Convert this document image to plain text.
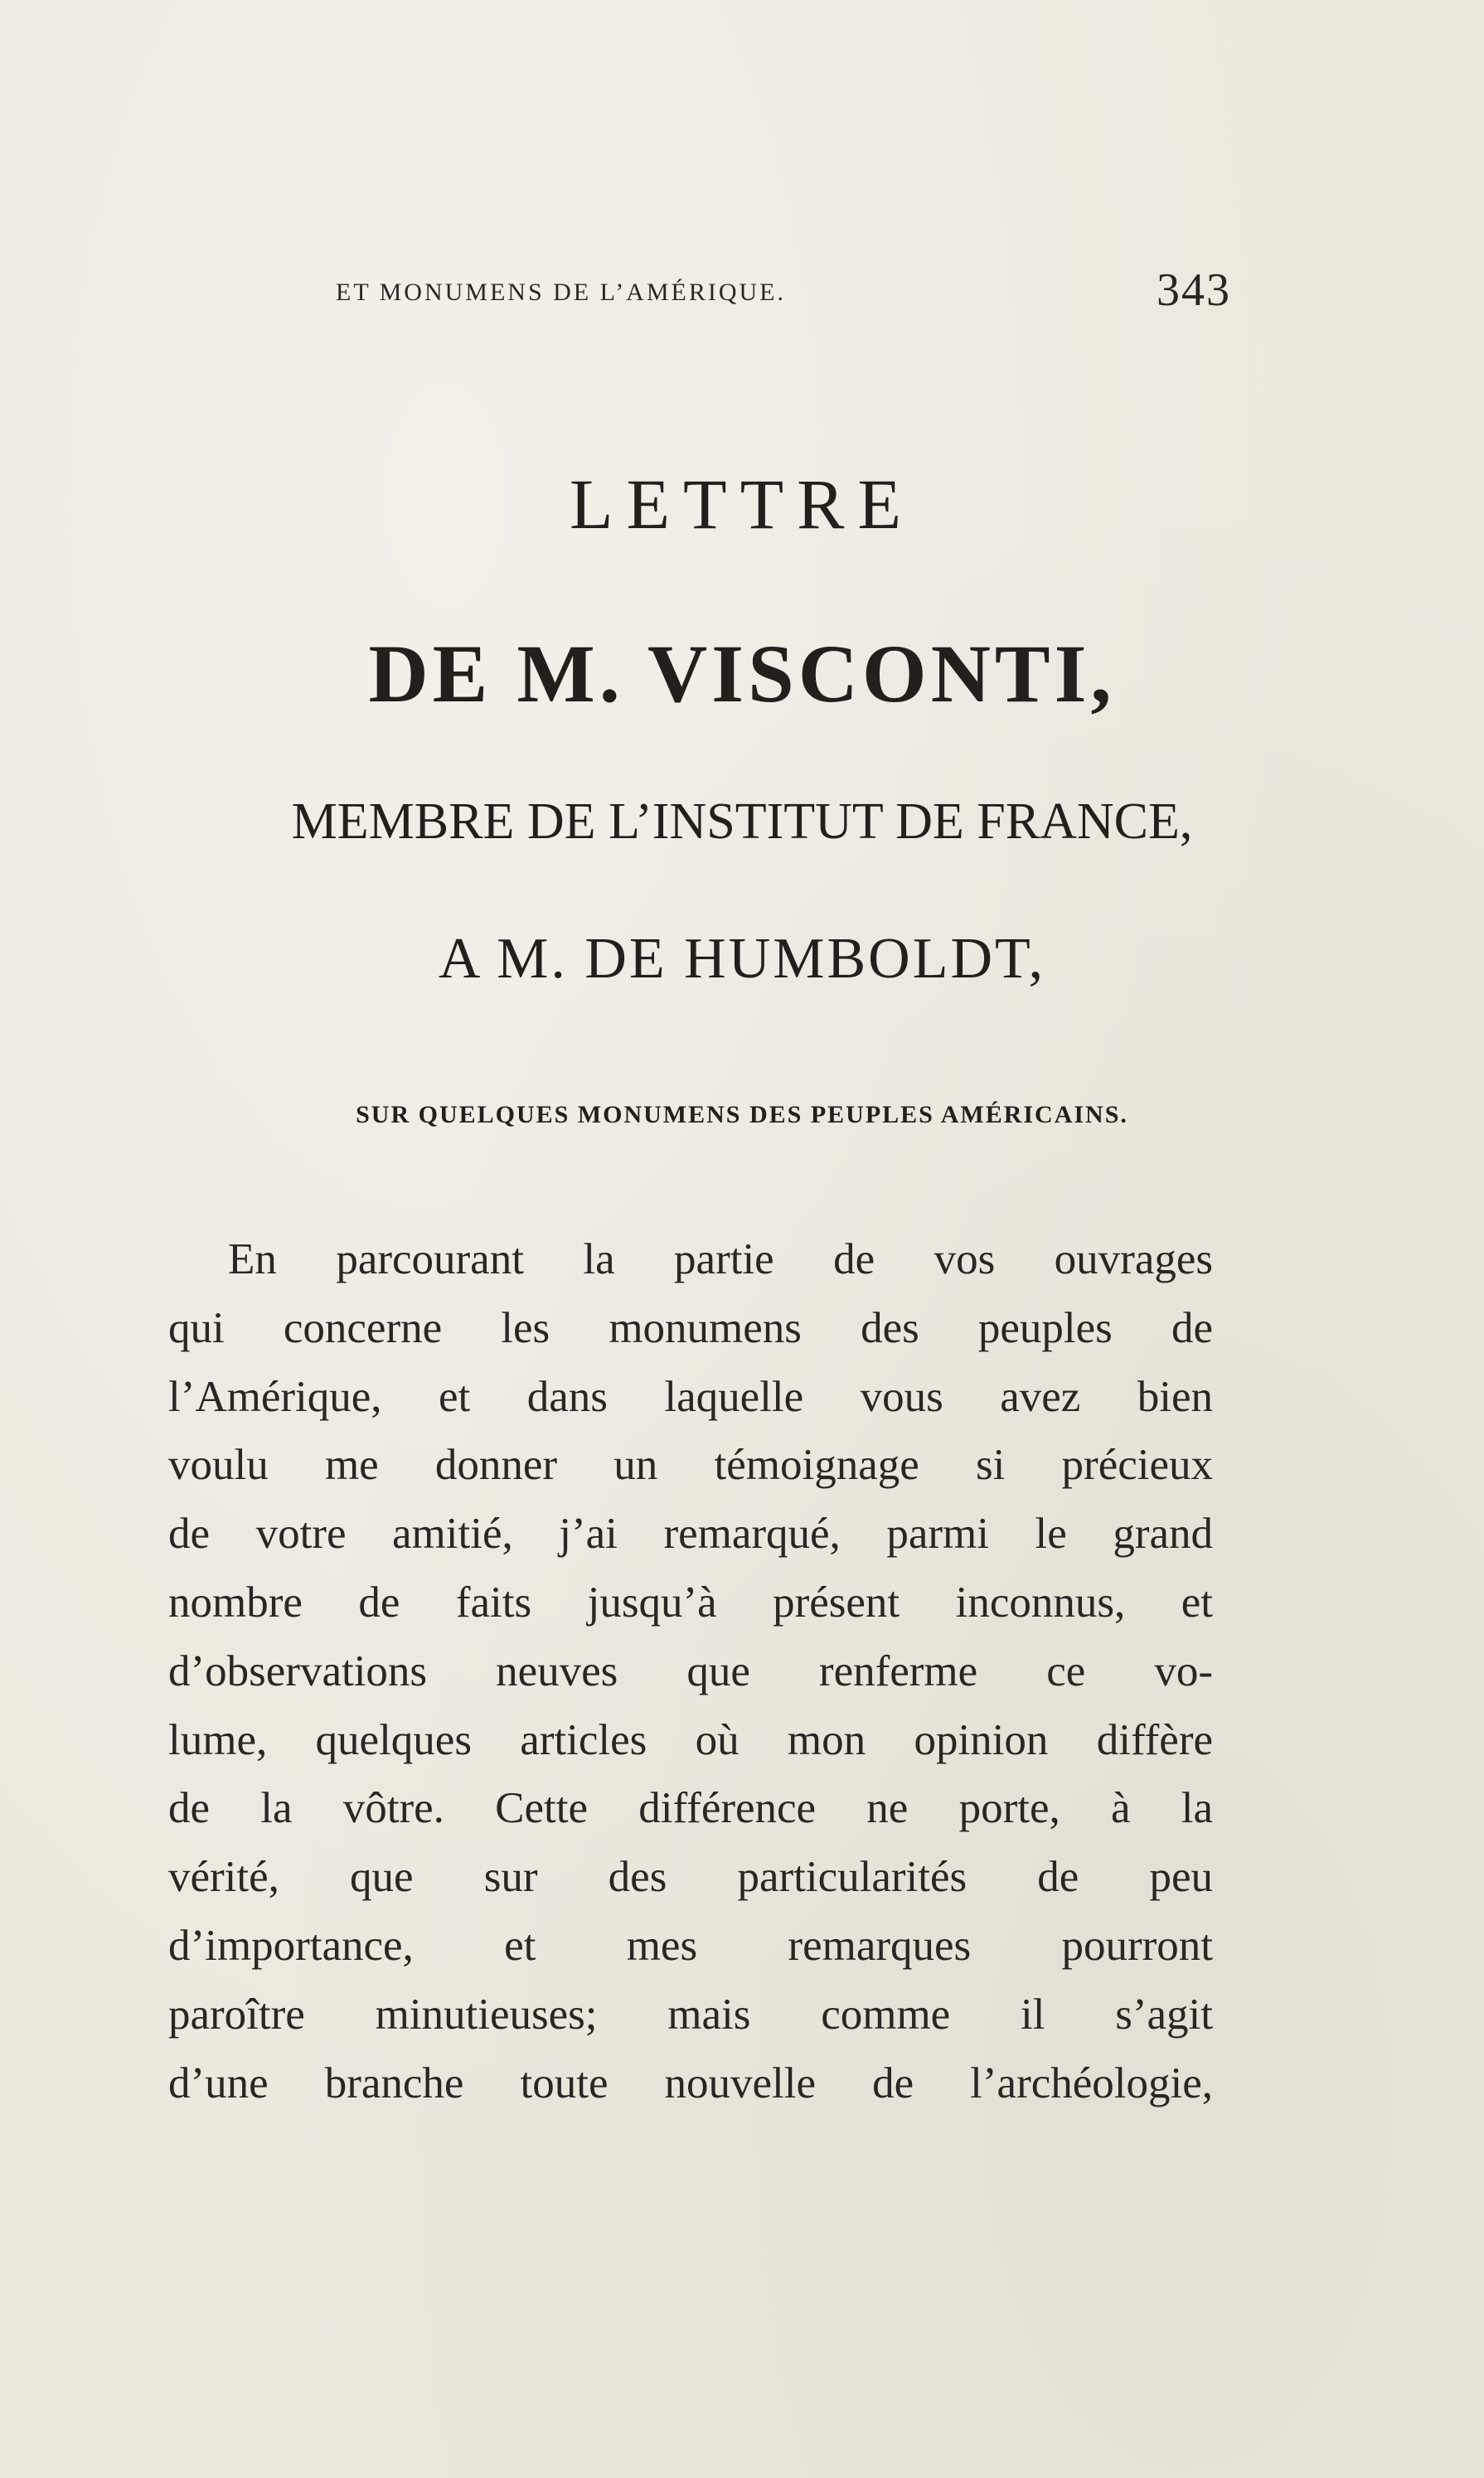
ET MONUMENS DE L’AMÉRIQUE.	343
LETTRE
DE M. VISCONTI,
MEMBRE DE L’INSTITUT DE FRANCE,
A M. DE HUMBOLDT,
SUR QUELQUES MONUMENS DES PEUPLES AMÉRICAINS.
En parcourant la partie de vos ouvrages
qui concerne les monumens des peuples de
l’Amérique, et dans laquelle vous avez bien
voulu me donner un témoignage si précieux
de votre amitié, j’ai remarqué, parmi le grand
nombre de faits jusqu’à présent inconnus, et
d’observations neuves que renferme ce vo-
lume, quelques articles où mon opinion diffère
de la vôtre. Cette différence ne porte, à la
vérité, que sur des particularités de peu
d’importance, et mes remarques pourront
paroître minutieuses; mais comme il s’agit
d’une branche toute nouvelle de l’archéologie,
